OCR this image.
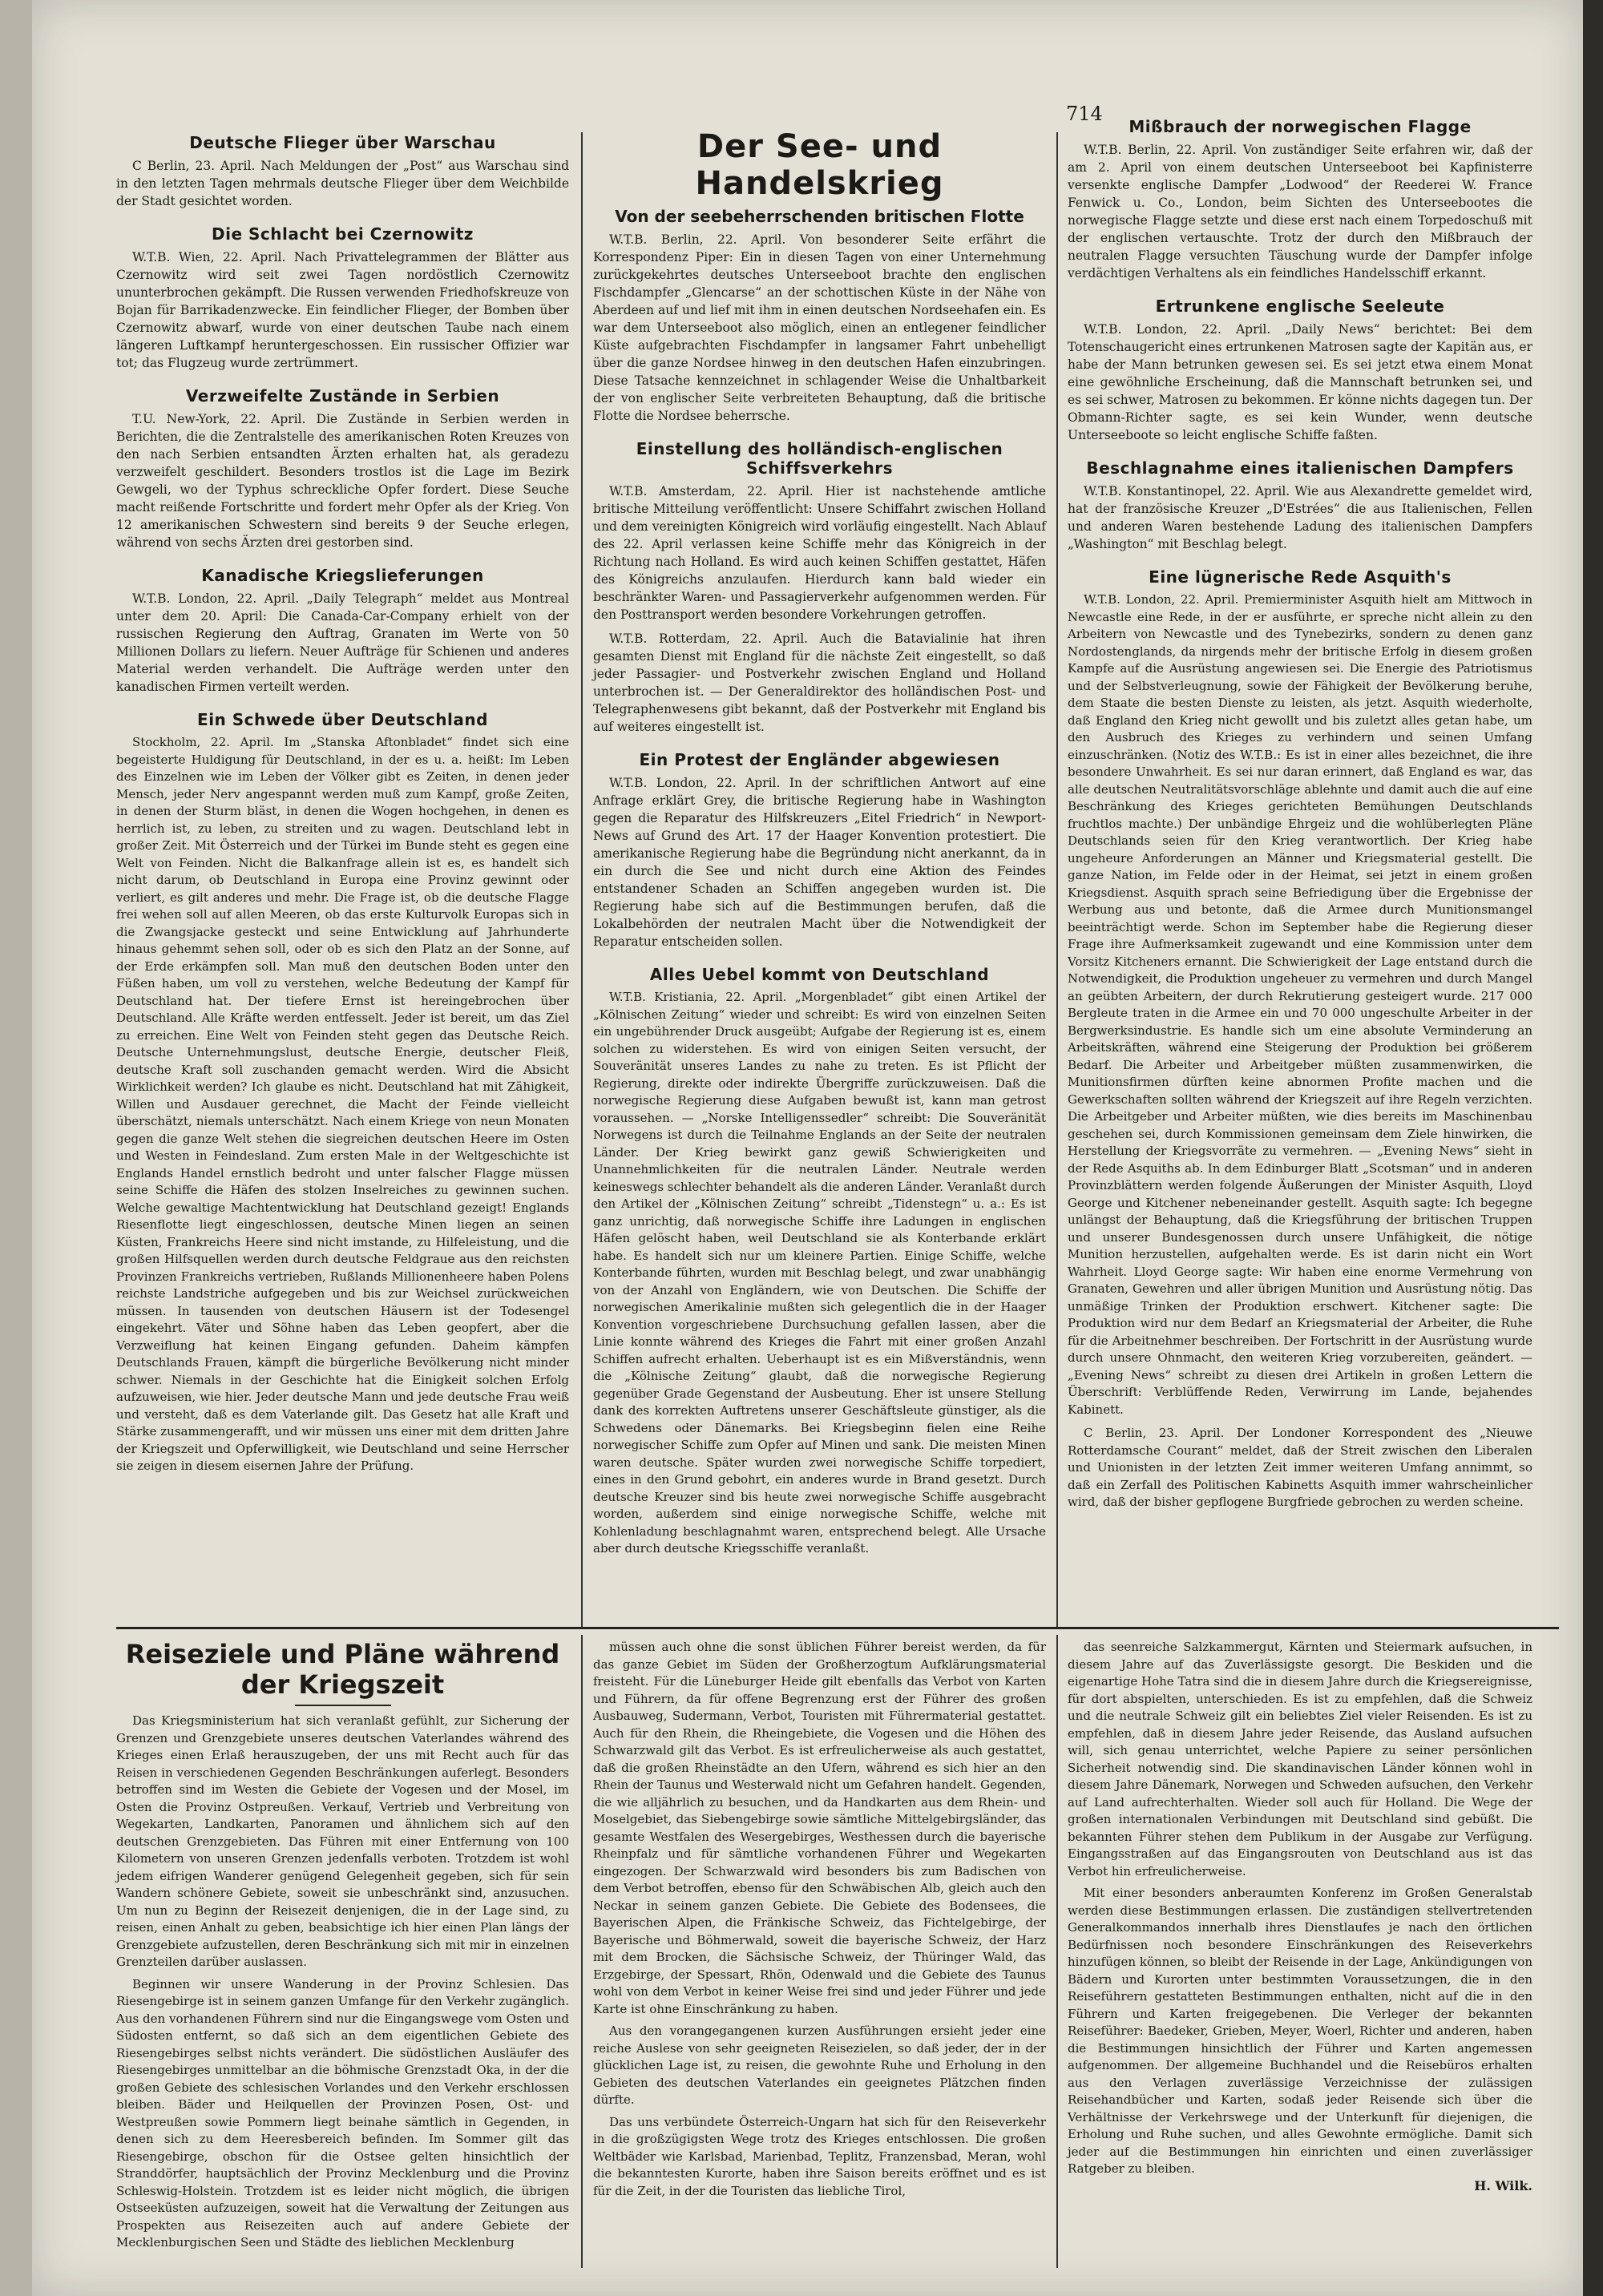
714
Deutsche Flieger über Warschau

C Berlin, 23. April. Nach Meldungen der „Post“ aus Warschau sind in den letzten Tagen mehrmals deutsche Flieger über dem Weichbilde der Stadt gesichtet worden.

Die Schlacht bei Czernowitz

W.T.B. Wien, 22. April. Nach Privattelegrammen der Blätter aus Czernowitz wird seit zwei Tagen nordöstlich Czernowitz ununterbrochen gekämpft. Die Russen verwenden Friedhofskreuze von Bojan für Barrikadenzwecke. Ein feindlicher Flieger, der Bomben über Czernowitz abwarf, wurde von einer deutschen Taube nach einem längeren Luftkampf heruntergeschossen. Ein russischer Offizier war tot; das Flugzeug wurde zertrümmert.

Verzweifelte Zustände in Serbien

T.U. New-York, 22. April. Die Zustände in Serbien werden in Berichten, die die Zentralstelle des amerikanischen Roten Kreuzes von den nach Serbien entsandten Ärzten erhalten hat, als geradezu verzweifelt geschildert. Besonders trostlos ist die Lage im Bezirk Gewgeli, wo der Typhus schreckliche Opfer fordert. Diese Seuche macht reißende Fortschritte und fordert mehr Opfer als der Krieg. Von 12 amerikanischen Schwestern sind bereits 9 der Seuche erlegen, während von sechs Ärzten drei gestorben sind.

Kanadische Kriegslieferungen

W.T.B. London, 22. April. „Daily Telegraph“ meldet aus Montreal unter dem 20. April: Die Canada-Car-Company erhielt von der russischen Regierung den Auftrag, Granaten im Werte von 50 Millionen Dollars zu liefern. Neuer Aufträge für Schienen und anderes Material werden verhandelt. Die Aufträge werden unter den kanadischen Firmen verteilt werden.

Ein Schwede über Deutschland

Stockholm, 22. April. Im „Stanska Aftonbladet“ findet sich eine begeisterte Huldigung für Deutschland, in der es u. a. heißt: Im Leben des Einzelnen wie im Leben der Völker gibt es Zeiten, in denen jeder Mensch, jeder Nerv angespannt werden muß zum Kampf, große Zeiten, in denen der Sturm bläst, in denen die Wogen hochgehen, in denen es herrlich ist, zu leben, zu streiten und zu wagen. Deutschland lebt in großer Zeit. Mit Österreich und der Türkei im Bunde steht es gegen eine Welt von Feinden. Nicht die Balkanfrage allein ist es, es handelt sich nicht darum, ob Deutschland in Europa eine Provinz gewinnt oder verliert, es gilt anderes und mehr. Die Frage ist, ob die deutsche Flagge frei wehen soll auf allen Meeren, ob das erste Kulturvolk Europas sich in die Zwangsjacke gesteckt und seine Entwicklung auf Jahrhunderte hinaus gehemmt sehen soll, oder ob es sich den Platz an der Sonne, auf der Erde erkämpfen soll. Man muß den deutschen Boden unter den Füßen haben, um voll zu verstehen, welche Bedeutung der Kampf für Deutschland hat. Der tiefere Ernst ist hereingebrochen über Deutschland. Alle Kräfte werden entfesselt. Jeder ist bereit, um das Ziel zu erreichen. Eine Welt von Feinden steht gegen das Deutsche Reich. Deutsche Unternehmungslust, deutsche Energie, deutscher Fleiß, deutsche Kraft soll zuschanden gemacht werden. Wird die Absicht Wirklichkeit werden? Ich glaube es nicht. Deutschland hat mit Zähigkeit, Willen und Ausdauer gerechnet, die Macht der Feinde vielleicht überschätzt, niemals unterschätzt. Nach einem Kriege von neun Monaten gegen die ganze Welt stehen die siegreichen deutschen Heere im Osten und Westen in Feindesland. Zum ersten Male in der Weltgeschichte ist Englands Handel ernstlich bedroht und unter falscher Flagge müssen seine Schiffe die Häfen des stolzen Inselreiches zu gewinnen suchen. Welche gewaltige Machtentwicklung hat Deutschland gezeigt! Englands Riesenflotte liegt eingeschlossen, deutsche Minen liegen an seinen Küsten, Frankreichs Heere sind nicht imstande, zu Hilfeleistung, und die großen Hilfsquellen werden durch deutsche Feldgraue aus den reichsten Provinzen Frankreichs vertrieben, Rußlands Millionenheere haben Polens reichste Landstriche aufgegeben und bis zur Weichsel zurückweichen müssen. In tausenden von deutschen Häusern ist der Todesengel eingekehrt. Väter und Söhne haben das Leben geopfert, aber die Verzweiflung hat keinen Eingang gefunden. Daheim kämpfen Deutschlands Frauen, kämpft die bürgerliche Bevölkerung nicht minder schwer. Niemals in der Geschichte hat die Einigkeit solchen Erfolg aufzuweisen, wie hier. Jeder deutsche Mann und jede deutsche Frau weiß und versteht, daß es dem Vaterlande gilt. Das Gesetz hat alle Kraft und Stärke zusammengerafft, und wir müssen uns einer mit dem dritten Jahre der Kriegszeit und Opferwilligkeit, wie Deutschland und seine Herrscher sie zeigen in diesem eisernen Jahre der Prüfung.

Der See- und Handelskrieg
Von der seebeherrschenden britischen Flotte

W.T.B. Berlin, 22. April. Von besonderer Seite erfährt die Korrespondenz Piper: Ein in diesen Tagen von einer Unternehmung zurückgekehrtes deutsches Unterseeboot brachte den englischen Fischdampfer „Glencarse“ an der schottischen Küste in der Nähe von Aberdeen auf und lief mit ihm in einen deutschen Nordseehafen ein. Es war dem Unterseeboot also möglich, einen an entlegener feindlicher Küste aufgebrachten Fischdampfer in langsamer Fahrt unbehelligt über die ganze Nordsee hinweg in den deutschen Hafen einzubringen. Diese Tatsache kennzeichnet in schlagender Weise die Unhaltbarkeit der von englischer Seite verbreiteten Behauptung, daß die britische Flotte die Nordsee beherrsche.

Einstellung des holländisch-englischen Schiffsverkehrs

W.T.B. Amsterdam, 22. April. Hier ist nachstehende amtliche britische Mitteilung veröffentlicht: Unsere Schiffahrt zwischen Holland und dem vereinigten Königreich wird vorläufig eingestellt. Nach Ablauf des 22. April verlassen keine Schiffe mehr das Königreich in der Richtung nach Holland. Es wird auch keinen Schiffen gestattet, Häfen des Königreichs anzulaufen. Hierdurch kann bald wieder ein beschränkter Waren- und Passagierverkehr aufgenommen werden. Für den Posttransport werden besondere Vorkehrungen getroffen.

W.T.B. Rotterdam, 22. April. Auch die Batavialinie hat ihren gesamten Dienst mit England für die nächste Zeit eingestellt, so daß jeder Passagier- und Postverkehr zwischen England und Holland unterbrochen ist. — Der Generaldirektor des holländischen Post- und Telegraphenwesens gibt bekannt, daß der Postverkehr mit England bis auf weiteres eingestellt ist.

Ein Protest der Engländer abgewiesen

W.T.B. London, 22. April. In der schriftlichen Antwort auf eine Anfrage erklärt Grey, die britische Regierung habe in Washington gegen die Reparatur des Hilfskreuzers „Eitel Friedrich“ in Newport-News auf Grund des Art. 17 der Haager Konvention protestiert. Die amerikanische Regierung habe die Begründung nicht anerkannt, da in ein durch die See und nicht durch eine Aktion des Feindes entstandener Schaden an Schiffen angegeben wurden ist. Die Regierung habe sich auf die Bestimmungen berufen, daß die Lokalbehörden der neutralen Macht über die Notwendigkeit der Reparatur entscheiden sollen.

Alles Uebel kommt von Deutschland

W.T.B. Kristiania, 22. April. „Morgenbladet“ gibt einen Artikel der „Kölnischen Zeitung“ wieder und schreibt: Es wird von einzelnen Seiten ein ungebührender Druck ausgeübt; Aufgabe der Regierung ist es, einem solchen zu widerstehen. Es wird von einigen Seiten versucht, der Souveränität unseres Landes zu nahe zu treten. Es ist Pflicht der Regierung, direkte oder indirekte Übergriffe zurückzuweisen. Daß die norwegische Regierung diese Aufgaben bewußt ist, kann man getrost voraussehen. — „Norske Intelligenssedler“ schreibt: Die Souveränität Norwegens ist durch die Teilnahme Englands an der Seite der neutralen Länder. Der Krieg bewirkt ganz gewiß Schwierigkeiten und Unannehmlichkeiten für die neutralen Länder. Neutrale werden keineswegs schlechter behandelt als die anderen Länder. Veranlaßt durch den Artikel der „Kölnischen Zeitung“ schreibt „Tidenstegn“ u. a.: Es ist ganz unrichtig, daß norwegische Schiffe ihre Ladungen in englischen Häfen gelöscht haben, weil Deutschland sie als Konterbande erklärt habe. Es handelt sich nur um kleinere Partien. Einige Schiffe, welche Konterbande führten, wurden mit Beschlag belegt, und zwar unabhängig von der Anzahl von Engländern, wie von Deutschen. Die Schiffe der norwegischen Amerikalinie mußten sich gelegentlich die in der Haager Konvention vorgeschriebene Durchsuchung gefallen lassen, aber die Linie konnte während des Krieges die Fahrt mit einer großen Anzahl Schiffen aufrecht erhalten. Ueberhaupt ist es ein Mißverständnis, wenn die „Kölnische Zeitung“ glaubt, daß die norwegische Regierung gegenüber Grade Gegenstand der Ausbeutung. Eher ist unsere Stellung dank des korrekten Auftretens unserer Geschäftsleute günstiger, als die Schwedens oder Dänemarks. Bei Kriegsbeginn fielen eine Reihe norwegischer Schiffe zum Opfer auf Minen und sank. Die meisten Minen waren deutsche. Später wurden zwei norwegische Schiffe torpediert, eines in den Grund gebohrt, ein anderes wurde in Brand gesetzt. Durch deutsche Kreuzer sind bis heute zwei norwegische Schiffe ausgebracht worden, außerdem sind einige norwegische Schiffe, welche mit Kohlenladung beschlagnahmt waren, entsprechend belegt. Alle Ursache aber durch deutsche Kriegsschiffe veranlaßt.

Mißbrauch der norwegischen Flagge

W.T.B. Berlin, 22. April. Von zuständiger Seite erfahren wir, daß der am 2. April von einem deutschen Unterseeboot bei Kapfinisterre versenkte englische Dampfer „Lodwood“ der Reederei W. France Fenwick u. Co., London, beim Sichten des Unterseebootes die norwegische Flagge setzte und diese erst nach einem Torpedoschuß mit der englischen vertauschte. Trotz der durch den Mißbrauch der neutralen Flagge versuchten Täuschung wurde der Dampfer infolge verdächtigen Verhaltens als ein feindliches Handelsschiff erkannt.

Ertrunkene englische Seeleute

W.T.B. London, 22. April. „Daily News“ berichtet: Bei dem Totenschaugericht eines ertrunkenen Matrosen sagte der Kapitän aus, er habe der Mann betrunken gewesen sei. Es sei jetzt etwa einem Monat eine gewöhnliche Erscheinung, daß die Mannschaft betrunken sei, und es sei schwer, Matrosen zu bekommen. Er könne nichts dagegen tun. Der Obmann-Richter sagte, es sei kein Wunder, wenn deutsche Unterseeboote so leicht englische Schiffe faßten.

Beschlagnahme eines italienischen Dampfers

W.T.B. Konstantinopel, 22. April. Wie aus Alexandrette gemeldet wird, hat der französische Kreuzer „D'Estrées“ die aus Italienischen, Fellen und anderen Waren bestehende Ladung des italienischen Dampfers „Washington“ mit Beschlag belegt.

Eine lügnerische Rede Asquith's

W.T.B. London, 22. April. Premierminister Asquith hielt am Mittwoch in Newcastle eine Rede, in der er ausführte, er spreche nicht allein zu den Arbeitern von Newcastle und des Tynebezirks, sondern zu denen ganz Nordostenglands, da nirgends mehr der britische Erfolg in diesem großen Kampfe auf die Ausrüstung angewiesen sei. Die Energie des Patriotismus und der Selbstverleugnung, sowie der Fähigkeit der Bevölkerung beruhe, dem Staate die besten Dienste zu leisten, als jetzt. Asquith wiederholte, daß England den Krieg nicht gewollt und bis zuletzt alles getan habe, um den Ausbruch des Krieges zu verhindern und seinen Umfang einzuschränken. (Notiz des W.T.B.: Es ist in einer alles bezeichnet, die ihre besondere Unwahrheit. Es sei nur daran erinnert, daß England es war, das alle deutschen Neutralitätsvorschläge ablehnte und damit auch die auf eine Beschränkung des Krieges gerichteten Bemühungen Deutschlands fruchtlos machte.) Der unbändige Ehrgeiz und die wohlüberlegten Pläne Deutschlands seien für den Krieg verantwortlich. Der Krieg habe ungeheure Anforderungen an Männer und Kriegsmaterial gestellt. Die ganze Nation, im Felde oder in der Heimat, sei jetzt in einem großen Kriegsdienst. Asquith sprach seine Befriedigung über die Ergebnisse der Werbung aus und betonte, daß die Armee durch Munitionsmangel beeinträchtigt werde. Schon im September habe die Regierung dieser Frage ihre Aufmerksamkeit zugewandt und eine Kommission unter dem Vorsitz Kitcheners ernannt. Die Schwierigkeit der Lage entstand durch die Notwendigkeit, die Produktion ungeheuer zu vermehren und durch Mangel an geübten Arbeitern, der durch Rekrutierung gesteigert wurde. 217 000 Bergleute traten in die Armee ein und 70 000 ungeschulte Arbeiter in der Bergwerksindustrie. Es handle sich um eine absolute Verminderung an Arbeitskräften, während eine Steigerung der Produktion bei größerem Bedarf. Die Arbeiter und Arbeitgeber müßten zusammenwirken, die Munitionsfirmen dürften keine abnormen Profite machen und die Gewerkschaften sollten während der Kriegszeit auf ihre Regeln verzichten. Die Arbeitgeber und Arbeiter müßten, wie dies bereits im Maschinenbau geschehen sei, durch Kommissionen gemeinsam dem Ziele hinwirken, die Herstellung der Kriegsvorräte zu vermehren. — „Evening News“ sieht in der Rede Asquiths ab. In dem Edinburger Blatt „Scotsman“ und in anderen Provinzblättern werden folgende Äußerungen der Minister Asquith, Lloyd George und Kitchener nebeneinander gestellt. Asquith sagte: Ich begegne unlängst der Behauptung, daß die Kriegsführung der britischen Truppen und unserer Bundesgenossen durch unsere Unfähigkeit, die nötige Munition herzustellen, aufgehalten werde. Es ist darin nicht ein Wort Wahrheit. Lloyd George sagte: Wir haben eine enorme Vermehrung von Granaten, Gewehren und aller übrigen Munition und Ausrüstung nötig. Das unmäßige Trinken der Produktion erschwert. Kitchener sagte: Die Produktion wird nur dem Bedarf an Kriegsmaterial der Arbeiter, die Ruhe für die Arbeitnehmer beschreiben. Der Fortschritt in der Ausrüstung wurde durch unsere Ohnmacht, den weiteren Krieg vorzubereiten, geändert. — „Evening News“ schreibt zu diesen drei Artikeln in großen Lettern die Überschrift: Verblüffende Reden, Verwirrung im Lande, bejahendes Kabinett.

C Berlin, 23. April. Der Londoner Korrespondent des „Nieuwe Rotterdamsche Courant“ meldet, daß der Streit zwischen den Liberalen und Unionisten in der letzten Zeit immer weiteren Umfang annimmt, so daß ein Zerfall des Politischen Kabinetts Asquith immer wahrscheinlicher wird, daß der bisher gepflogene Burgfriede gebrochen zu werden scheine.

Reiseziele und Pläne während der Kriegszeit

Das Kriegsministerium hat sich veranlaßt gefühlt, zur Sicherung der Grenzen und Grenzgebiete unseres deutschen Vaterlandes während des Krieges einen Erlaß herauszugeben, der uns mit Recht auch für das Reisen in verschiedenen Gegenden Beschränkungen auferlegt. Besonders betroffen sind im Westen die Gebiete der Vogesen und der Mosel, im Osten die Provinz Ostpreußen. Verkauf, Vertrieb und Verbreitung von Wegekarten, Landkarten, Panoramen und ähnlichem sich auf den deutschen Grenzgebieten. Das Führen mit einer Entfernung von 100 Kilometern von unseren Grenzen jedenfalls verboten. Trotzdem ist wohl jedem eifrigen Wanderer genügend Gelegenheit gegeben, sich für sein Wandern schönere Gebiete, soweit sie unbeschränkt sind, anzusuchen. Um nun zu Beginn der Reisezeit denjenigen, die in der Lage sind, zu reisen, einen Anhalt zu geben, beabsichtige ich hier einen Plan längs der Grenzgebiete aufzustellen, deren Beschränkung sich mit mir in einzelnen Grenzteilen darüber auslassen.

Beginnen wir unsere Wanderung in der Provinz Schlesien. Das Riesengebirge ist in seinem ganzen Umfange für den Verkehr zugänglich. Aus den vorhandenen Führern sind nur die Eingangswege vom Osten und Südosten entfernt, so daß sich an dem eigentlichen Gebiete des Riesengebirges selbst nichts verändert. Die südöstlichen Ausläufer des Riesengebirges unmittelbar an die böhmische Grenzstadt Oka, in der die großen Gebiete des schlesischen Vorlandes und den Verkehr erschlossen bleiben. Bäder und Heilquellen der Provinzen Posen, Ost- und Westpreußen sowie Pommern liegt beinahe sämtlich in Gegenden, in denen sich zu dem Heeresbereich befinden. Im Sommer gilt das Riesengebirge, obschon für die Ostsee gelten hinsichtlich der Stranddörfer, hauptsächlich der Provinz Mecklenburg und die Provinz Schleswig-Holstein. Trotzdem ist es leider nicht möglich, die übrigen Ostseeküsten aufzuzeigen, soweit hat die Verwaltung der Zeitungen aus Prospekten aus Reisezeiten auch auf andere Gebiete der Mecklenburgischen Seen und Städte des lieblichen Mecklenburg

müssen auch ohne die sonst üblichen Führer bereist werden, da für das ganze Gebiet im Süden der Großherzogtum Aufklärungsmaterial freisteht. Für die Lüneburger Heide gilt ebenfalls das Verbot von Karten und Führern, da für offene Begrenzung erst der Führer des großen Ausbauweg, Sudermann, Verbot, Touristen mit Führermaterial gestattet. Auch für den Rhein, die Rheingebiete, die Vogesen und die Höhen des Schwarzwald gilt das Verbot. Es ist erfreulicherweise als auch gestattet, daß die großen Rheinstädte an den Ufern, während es sich hier an den Rhein der Taunus und Westerwald nicht um Gefahren handelt. Gegenden, die wie alljährlich zu besuchen, und da Handkarten aus dem Rhein- und Moselgebiet, das Siebengebirge sowie sämtliche Mittelgebirgsländer, das gesamte Westfalen des Wesergebirges, Westhessen durch die bayerische Rheinpfalz und für sämtliche vorhandenen Führer und Wegekarten eingezogen. Der Schwarzwald wird besonders bis zum Badischen von dem Verbot betroffen, ebenso für den Schwäbischen Alb, gleich auch den Neckar in seinem ganzen Gebiete. Die Gebiete des Bodensees, die Bayerischen Alpen, die Fränkische Schweiz, das Fichtelgebirge, der Bayerische und Böhmerwald, soweit die bayerische Schweiz, der Harz mit dem Brocken, die Sächsische Schweiz, der Thüringer Wald, das Erzgebirge, der Spessart, Rhön, Odenwald und die Gebiete des Taunus wohl von dem Verbot in keiner Weise frei sind und jeder Führer und jede Karte ist ohne Einschränkung zu haben.

Aus den vorangegangenen kurzen Ausführungen ersieht jeder eine reiche Auslese von sehr geeigneten Reisezielen, so daß jeder, der in der glücklichen Lage ist, zu reisen, die gewohnte Ruhe und Erholung in den Gebieten des deutschen Vaterlandes ein geeignetes Plätzchen finden dürfte.

Das uns verbündete Österreich-Ungarn hat sich für den Reiseverkehr in die großzügigsten Wege trotz des Krieges entschlossen. Die großen Weltbäder wie Karlsbad, Marienbad, Teplitz, Franzensbad, Meran, wohl die bekanntesten Kurorte, haben ihre Saison bereits eröffnet und es ist für die Zeit, in der die Touristen das liebliche Tirol,

das seenreiche Salzkammergut, Kärnten und Steiermark aufsuchen, in diesem Jahre auf das Zuverlässigste gesorgt. Die Beskiden und die eigenartige Hohe Tatra sind die in diesem Jahre durch die Kriegsereignisse, für dort abspielten, unterschieden. Es ist zu empfehlen, daß die Schweiz und die neutrale Schweiz gilt ein beliebtes Ziel vieler Reisenden. Es ist zu empfehlen, daß in diesem Jahre jeder Reisende, das Ausland aufsuchen will, sich genau unterrichtet, welche Papiere zu seiner persönlichen Sicherheit notwendig sind. Die skandinavischen Länder können wohl in diesem Jahre Dänemark, Norwegen und Schweden aufsuchen, den Verkehr auf Land aufrechterhalten. Wieder soll auch für Holland. Die Wege der großen internationalen Verbindungen mit Deutschland sind gebüßt. Die bekannten Führer stehen dem Publikum in der Ausgabe zur Verfügung. Eingangsstraßen auf das Eingangsrouten von Deutschland aus ist das Verbot hin erfreulicherweise.

Mit einer besonders anberaumten Konferenz im Großen Generalstab werden diese Bestimmungen erlassen. Die zuständigen stellvertretenden Generalkommandos innerhalb ihres Dienstlaufes je nach den örtlichen Bedürfnissen noch besondere Einschränkungen des Reiseverkehrs hinzufügen können, so bleibt der Reisende in der Lage, Ankündigungen von Bädern und Kurorten unter bestimmten Voraussetzungen, die in den Reiseführern gestatteten Bestimmungen enthalten, nicht auf die in den Führern und Karten freigegebenen. Die Verleger der bekannten Reiseführer: Baedeker, Grieben, Meyer, Woerl, Richter und anderen, haben die Bestimmungen hinsichtlich der Führer und Karten angemessen aufgenommen. Der allgemeine Buchhandel und die Reisebüros erhalten aus den Verlagen zuverlässige Verzeichnisse der zulässigen Reisehandbücher und Karten, sodaß jeder Reisende sich über die Verhältnisse der Verkehrswege und der Unterkunft für diejenigen, die Erholung und Ruhe suchen, und alles Gewohnte ermögliche. Damit sich jeder auf die Bestimmungen hin einrichten und einen zuverlässiger Ratgeber zu bleiben.

H. Wilk.
